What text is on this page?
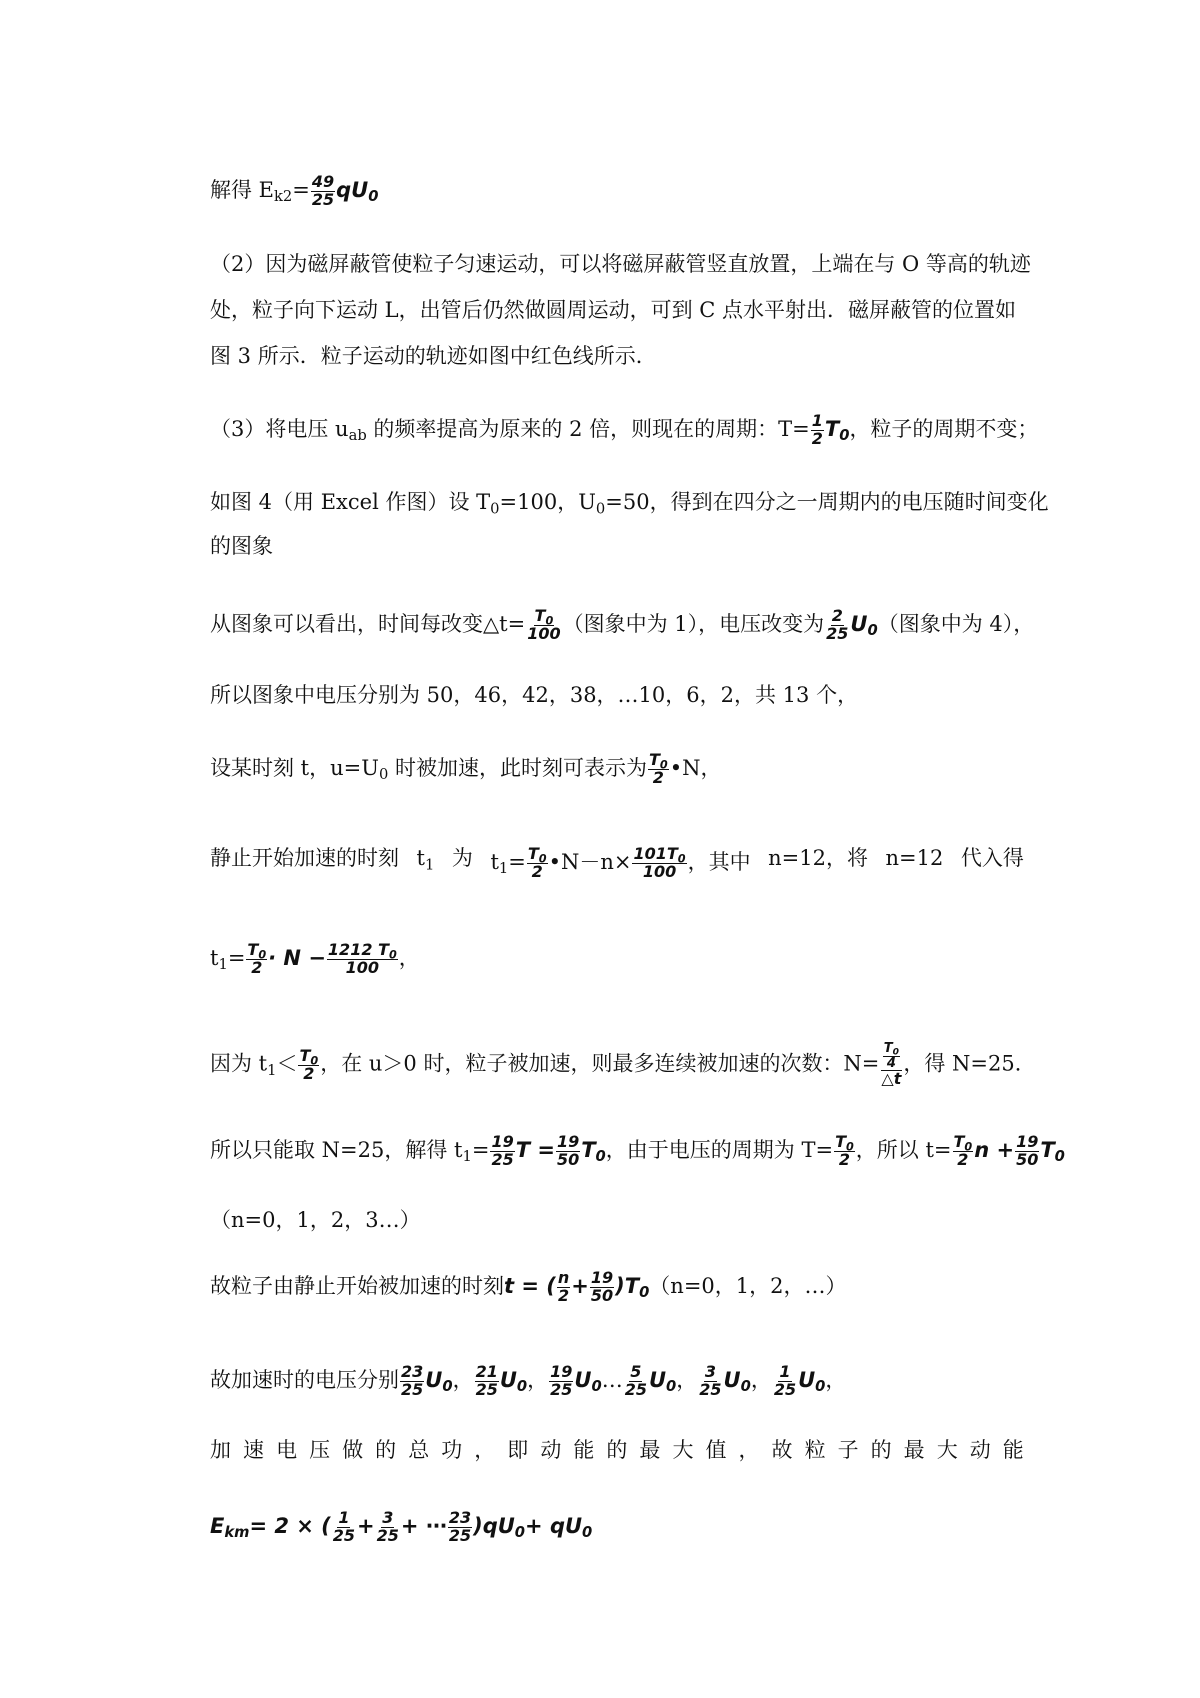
解得 $E_{k2}= \frac{49}{25} qU_0$
（2）因为磁屏蔽管使粒子匀速运动，可以将磁屏蔽管竖直放置，上端在与 O 等高的轨迹
处，粒子向下运动 L，出管后仍然做圆周运动，可到 C 点水平射出．磁屏蔽管的位置如
图 3 所示．粒子运动的轨迹如图中红色线所示．
（3）将电压 $u_{ab}$ 的频率提高为原来的 2 倍，则现在的周期：$T= \frac{1}{2} T_0$，粒子的周期不变；
如图 4（用 Excel 作图）设 $T_0=100$，$U_0=50$，得到在四分之一周期内的电压随时间变化
的图象
从图象可以看出，时间每改变△t= $\frac{T_0}{100}$ （图象中为 1），电压改变为 $\frac{2}{25} U_0$（图象中为 4），
所以图象中电压分别为 50，46，42，38，…10，6，2，共 13 个，
设某时刻 t，$u=U_0$ 时被加速，此时刻可表示为 $\frac{T_0}{2}$ •N，
静止开始加速的时刻 $t_1$ 为 $t_1= \frac{T_0}{2}$ •N－n× $\frac{101T_0}{100}$ ，其中 n=12，将 n=12 代入得
$t_1= \frac{T_0}{2} \cdot N - \frac{1212 T_0}{100}$ ，
因为 $t_1< \frac{T_0}{2}$ ，在 u＞0 时，粒子被加速，则最多连续被加速的次数：$N= \frac{\frac{T_0}{4}}{\triangle t}$ ，得 N=25．
所以只能取 N=25，解得 $t_1= \frac{19}{25}$ $T = \frac{19}{50} T_0$，由于电压的周期为 $T= \frac{T_0}{2}$ ，所以 $t= \frac{T_0}{2}$ $n + \frac{19}{50} T_0$
（n=0，1，2，3…）
故粒子由静止开始被加速的时刻t = ( $\frac{n}{2} + \frac{19}{50} )T_0(n=0$，1，2，…）
故加速时的电压分别 $\frac{23}{25} U_0$， $\frac{21}{25} U_0$， $\frac{19}{25}$ $U_0\dots \frac{5}{25} U_0$， $\frac{3}{25} U_0$， $\frac{1}{25} U_0$，
加 速 电 压 做 的 总 功 ， 即 动 能 的 最 大 值 ， 故 粒 子 的 最 大 动 能
$E_{km}= 2$ × ( $\frac{1}{25} + \frac{3}{25}$ + ⋯ $\frac{23}{25} )qU_0+ qU_0$
